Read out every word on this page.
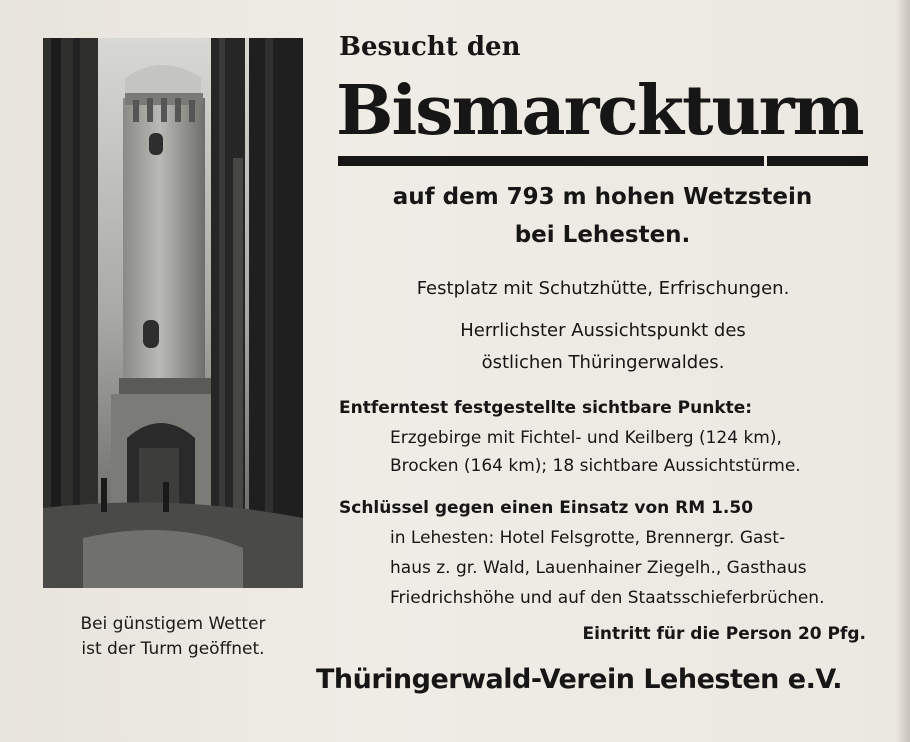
Bei günstigem Wetter
ist der Turm geöffnet.
Besucht den
Bismarckturm
auf dem 793 m hohen Wetzstein
bei Lehesten.
Festplatz mit Schutzhütte, Erfrischungen.
Herrlichster Aussichtspunkt des
östlichen Thüringerwaldes.
Entferntest festgestellte sichtbare Punkte:
Erzgebirge mit Fichtel- und Keilberg (124 km),
Brocken (164 km); 18 sichtbare Aussichtstürme.
Schlüssel gegen einen Einsatz von RM 1.50
in Lehesten: Hotel Felsgrotte, Brennergr. Gast-
haus z. gr. Wald, Lauenhainer Ziegelh., Gasthaus
Friedrichshöhe und auf den Staatsschieferbrüchen.
Eintritt für die Person 20 Pfg.
Thüringerwald-Verein Lehesten e.V.
